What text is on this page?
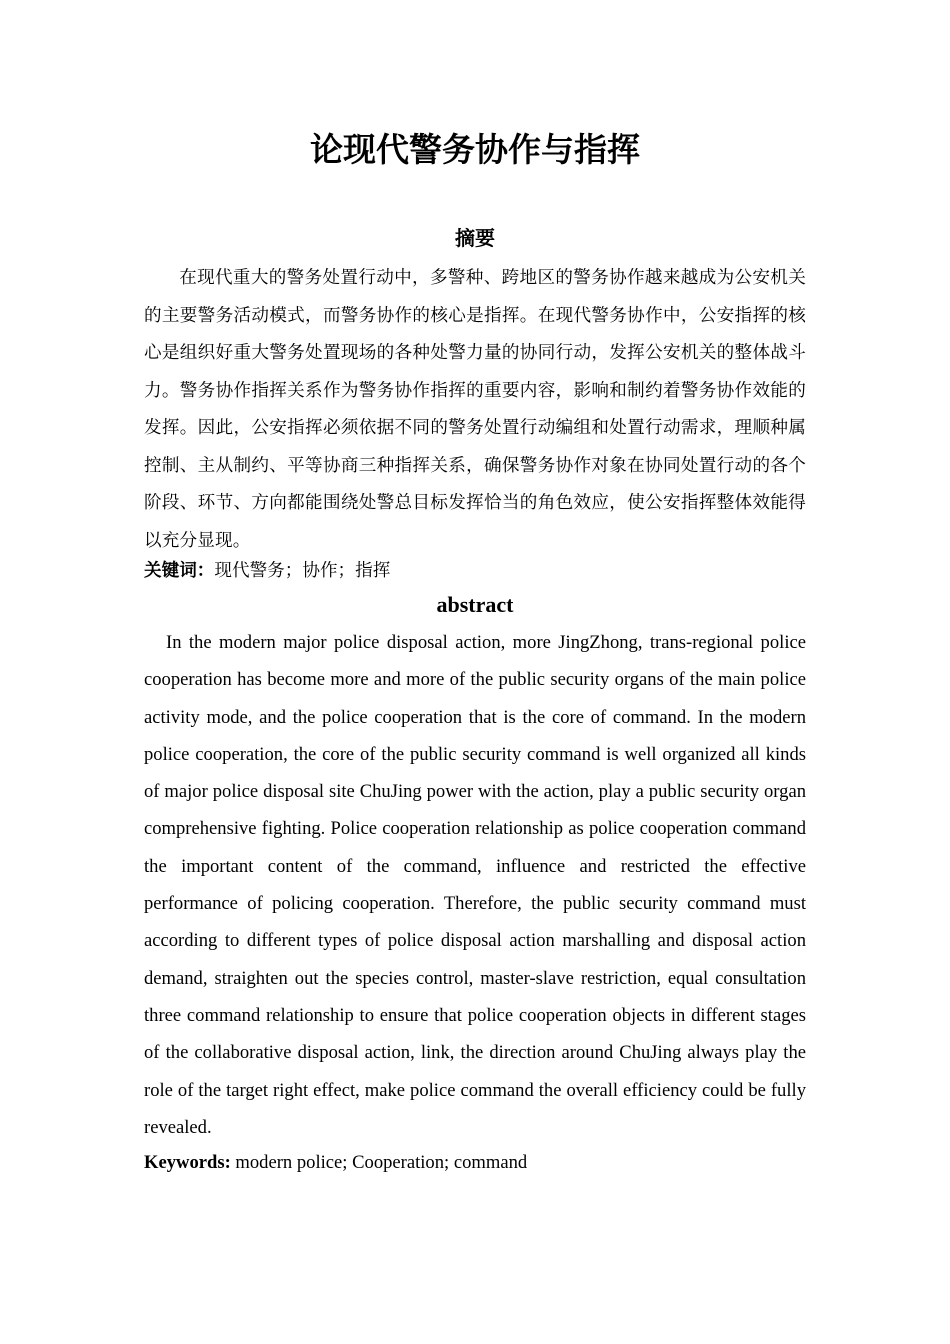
论现代警务协作与指挥
摘要

在现代重大的警务处置行动中，多警种、跨地区的警务协作越来越成为公安机关的主要警务活动模式，而警务协作的核心是指挥。在现代警务协作中，公安指挥的核心是组织好重大警务处置现场的各种处警力量的协同行动，发挥公安机关的整体战斗力。警务协作指挥关系作为警务协作指挥的重要内容，影响和制约着警务协作效能的发挥。因此，公安指挥必须依据不同的警务处置行动编组和处置行动需求，理顺种属控制、主从制约、平等协商三种指挥关系，确保警务协作对象在协同处置行动的各个阶段、环节、方向都能围绕处警总目标发挥恰当的角色效应，使公安指挥整体效能得以充分显现。

关键词：现代警务；协作；指挥
abstract

In the modern major police disposal action, more JingZhong, trans-regional police cooperation has become more and more of the public security organs of the main police activity mode, and the police cooperation that is the core of command. In the modern police cooperation, the core of the public security command is well organized all kinds of major police disposal site ChuJing power with the action, play a public security organ comprehensive fighting. Police cooperation relationship as police cooperation command the important content of the command, influence and restricted the effective performance of policing cooperation. Therefore, the public security command must according to different types of police disposal action marshalling and disposal action demand, straighten out the species control, master-slave restriction, equal consultation three command relationship to ensure that police cooperation objects in different stages of the collaborative disposal action, link, the direction around ChuJing always play the role of the target right effect, make police command the overall efficiency could be fully revealed.

Keywords: modern police; Cooperation; command
